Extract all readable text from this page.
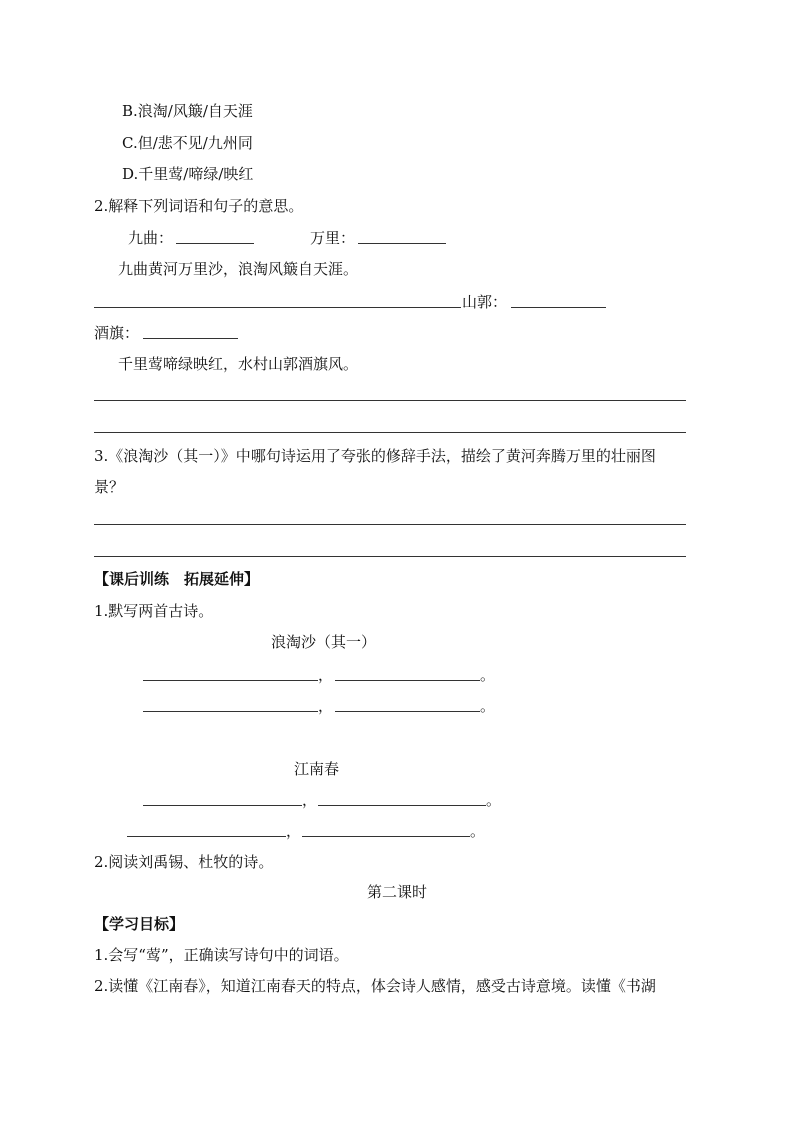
B.浪淘/风簸/自天涯
C.但/悲不见/九州同
D.千里莺/啼绿/映红
2.解释下列词语和句子的意思。
九曲：	万里：
九曲黄河万里沙，浪淘风簸自天涯。
山郭：
酒旗：
千里莺啼绿映红，水村山郭酒旗风。
3.《浪淘沙（其一）》中哪句诗运用了夸张的修辞手法，描绘了黄河奔腾万里的壮丽图
景？
【课后训练　拓展延伸】
1.默写两首古诗。
浪淘沙（其一）
，	。
，	。
江南春
，	。
，	。
2.阅读刘禹锡、杜牧的诗。
第二课时
【学习目标】
1.会写“莺”，正确读写诗句中的词语。
2.读懂《江南春》，知道江南春天的特点，体会诗人感情，感受古诗意境。读懂《书湖
